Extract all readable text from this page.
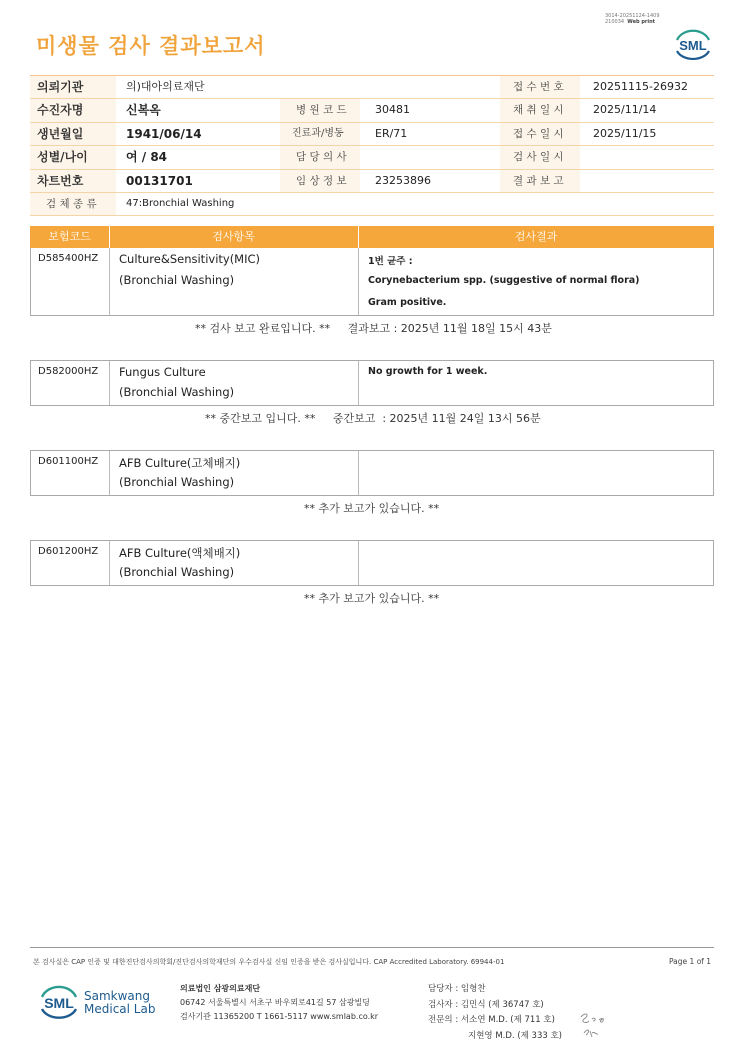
3014-20251124-1409
210034 Web print
미생물 검사 결과보고서	SML
의뢰기관	의)대아의료재단	접 수 번 호	20251115-26932
수진자명	신복옥	병 원 코 드	30481	채 취 일 시	2025/11/14
생년월일	1941/06/14	진료과/병동	ER/71	접 수 일 시	2025/11/15
성별/나이	여 / 84	담 당 의 사	검 사 일 시
차트번호	00131701	임 상 정 보	23253896	결 과 보 고
검 체 종 류	47:Bronchial Washing
보험코드	검사항목	검사결과
D585400HZ Culture&Sensitivity(MIC)
(Bronchial Washing)
1번 균주 :
Corynebacterium spp. (suggestive of normal flora)
Gram positive.
** 검사 보고 완료입니다. **     결과보고 : 2025년 11월 18일 15시 43분
D582000HZ Fungus Culture
(Bronchial Washing)
No growth for 1 week.
** 중간보고 입니다. **     중간보고  : 2025년 11월 24일 13시 56분
D601100HZ AFB Culture(고체배지)
(Bronchial Washing)
** 추가 보고가 있습니다. **
D601200HZ AFB Culture(액체배지)
(Bronchial Washing)
** 추가 보고가 있습니다. **
본 검사실은 CAP 인증 및 대한진단검사의학회/진단검사의학재단의 우수검사실 신임 인증을 받은 검사실입니다. CAP Accredited Laboratory. 69944-01	Page 1 of 1
SML Samkwang
Medical Lab
의료법인 삼광의료재단
06742 서울특별시 서초구 바우뫼로41길 57 삼광빌딩
검사기관 11365200 T 1661-5117 www.smlab.co.kr
담당자 : 임형찬
검사자 : 김민식 (제 36747 호)
전문의 : 서소연 M.D. (제 711 호)
지현영 M.D. (제 333 호)
